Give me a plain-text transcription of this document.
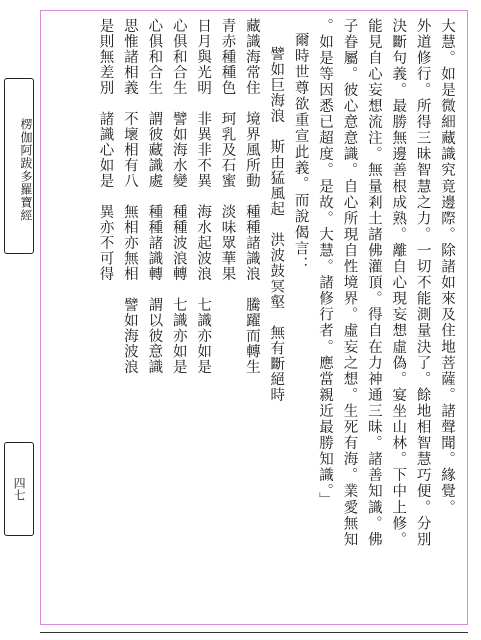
楞伽阿跋多羅寶經
四七	大慧。如是微細藏識究竟邊際。除諸如來及住地菩薩。諸聲聞。緣覺。
外道修行。所得三昧智慧之力。一切不能測量決了。餘地相智慧巧便。分別
決斷句義。最勝無邊善根成熟。離自心現妄想虛偽。宴坐山林。下中上修。
能見自心妄想流注。無量剎土諸佛灌頂。得自在力神通三昧。諸善知識。佛
子眷屬。彼心意意識。自心所現自性境界。虛妄之想。生死有海。業愛無知
。如是等因悉已超度。是故。大慧。諸修行者。應當親近最勝知識。」
爾時世尊欲重宣此義。而說偈言：
譬如巨海浪　斯由猛風起　洪波鼓冥壑　無有斷絕時
藏識海常住　境界風所動　種種諸識浪　騰躍而轉生
青赤種種色　珂乳及石蜜　淡味眾華果
日月與光明　非異非不異　海水起波浪　七識亦如是
心俱和合生　譬如海水變　種種波浪轉　七識亦如是
心俱和合生　謂彼藏識處　種種諸識轉　謂以彼意識
思惟諸相義　不壞相有八　無相亦無相　譬如海波浪
是則無差別　諸識心如是　異亦不可得
